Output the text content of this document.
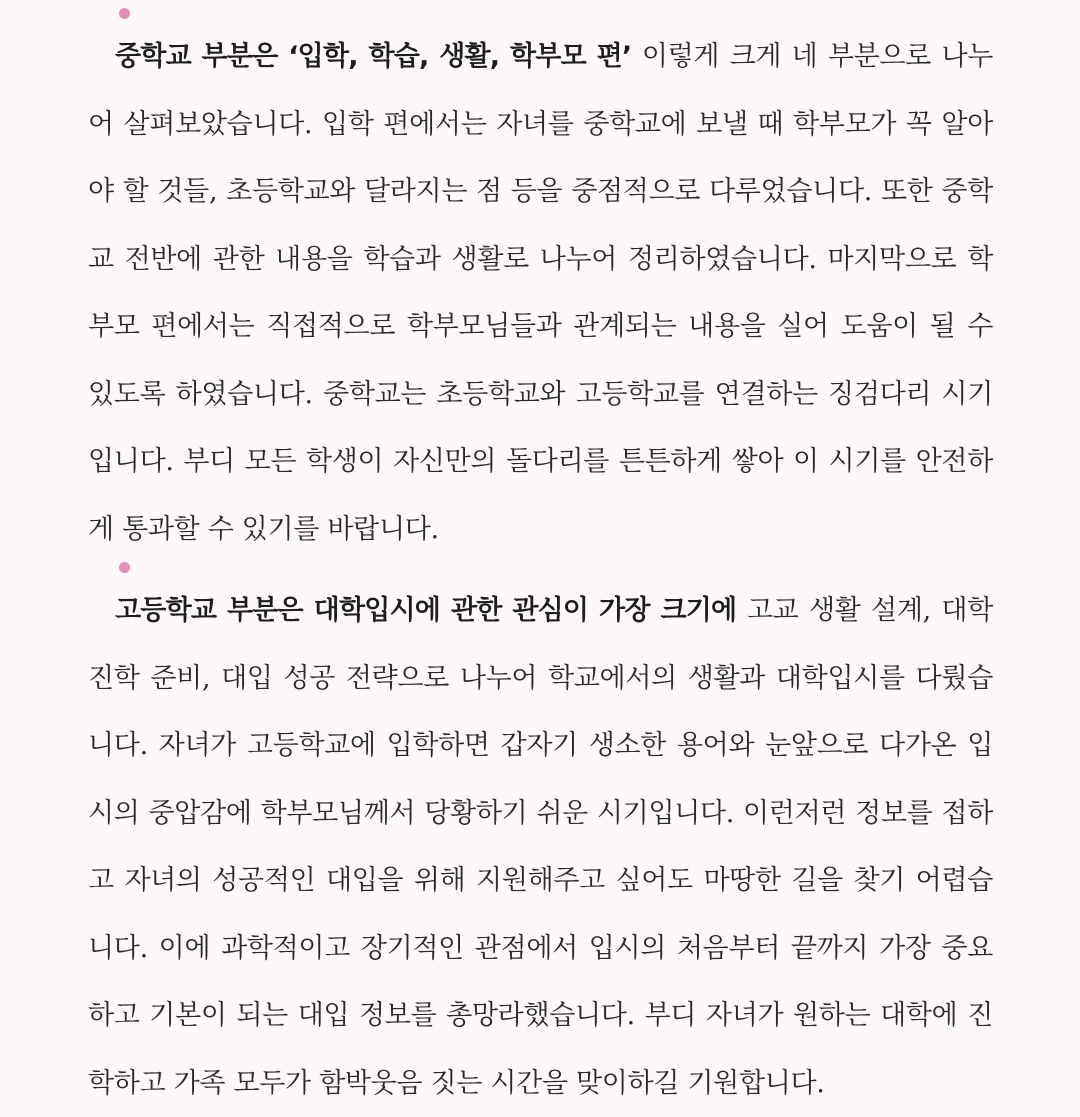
중학교 부분은 ‘입학, 학습, 생활, 학부모 편’ 이렇게 크게 네 부분으로 나누어 살펴보았습니다. 입학 편에서는 자녀를 중학교에 보낼 때 학부모가 꼭 알아야 할 것들, 초등학교와 달라지는 점 등을 중점적으로 다루었습니다. 또한 중학교 전반에 관한 내용을 학습과 생활로 나누어 정리하였습니다. 마지막으로 학부모 편에서는 직접적으로 학부모님들과 관계되는 내용을 실어 도움이 될 수 있도록 하였습니다. 중학교는 초등학교와 고등학교를 연결하는 징검다리 시기입니다. 부디 모든 학생이 자신만의 돌다리를 튼튼하게 쌓아 이 시기를 안전하게 통과할 수 있기를 바랍니다.

고등학교 부분은 대학입시에 관한 관심이 가장 크기에 고교 생활 설계, 대학 진학 준비, 대입 성공 전략으로 나누어 학교에서의 생활과 대학입시를 다뤘습니다. 자녀가 고등학교에 입학하면 갑자기 생소한 용어와 눈앞으로 다가온 입시의 중압감에 학부모님께서 당황하기 쉬운 시기입니다. 이런저런 정보를 접하고 자녀의 성공적인 대입을 위해 지원해주고 싶어도 마땅한 길을 찾기 어렵습니다. 이에 과학적이고 장기적인 관점에서 입시의 처음부터 끝까지 가장 중요하고 기본이 되는 대입 정보를 총망라했습니다. 부디 자녀가 원하는 대학에 진학하고 가족 모두가 함박웃음 짓는 시간을 맞이하길 기원합니다.
